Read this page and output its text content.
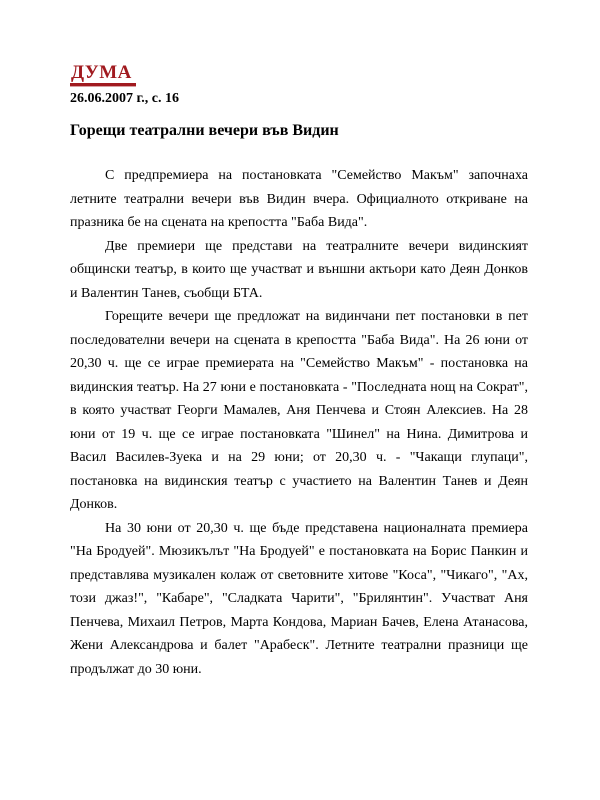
ДУМА
26.06.2007 г., с. 16
Горещи театрални вечери във Видин

С предпремиера на постановката "Семейство Макъм" започнаха летните театрални вечери във Видин вчера. Официалното откриване на празника бе на сцената на крепостта "Баба Вида".

Две премиери ще представи на театралните вечери видинският общински театър, в които ще участват и външни актьори като Деян Донков и Валентин Танев, съобщи БТА.

Горещите вечери ще предложат на видинчани пет постановки в пет последователни вечери на сцената в крепостта "Баба Вида". На 26 юни от 20,30 ч. ще се играе премиерата на "Семейство Макъм" - постановка на видинския театър. На 27 юни е постановката - "Последната нощ на Сократ", в която участват Георги Мамалев, Аня Пенчева и Стоян Алексиев. На 28 юни от 19 ч. ще се играе постановката "Шинел" на Нина. Димитрова и Васил Василев-Зуека и на 29 юни; от 20,30 ч. - "Чакащи глупаци", постановка на видинския театър с участието на Валентин Танев и Деян Донков.

На 30 юни от 20,30 ч. ще бъде представена националната премиера "На Бродуей". Мюзикълът "На Бродуей" е постановката на Борис Панкин и представлява музикален колаж от световните хитове "Коса", "Чикаго", "Ах, този джаз!", "Кабаре", "Сладката Чарити", "Брилянтин". Участват Аня Пенчева, Михаил Петров, Марта Кондова, Мариан Бачев, Елена Атанасова, Жени Александрова и балет "Арабеск". Летните театрални празници ще продължат до 30 юни.
